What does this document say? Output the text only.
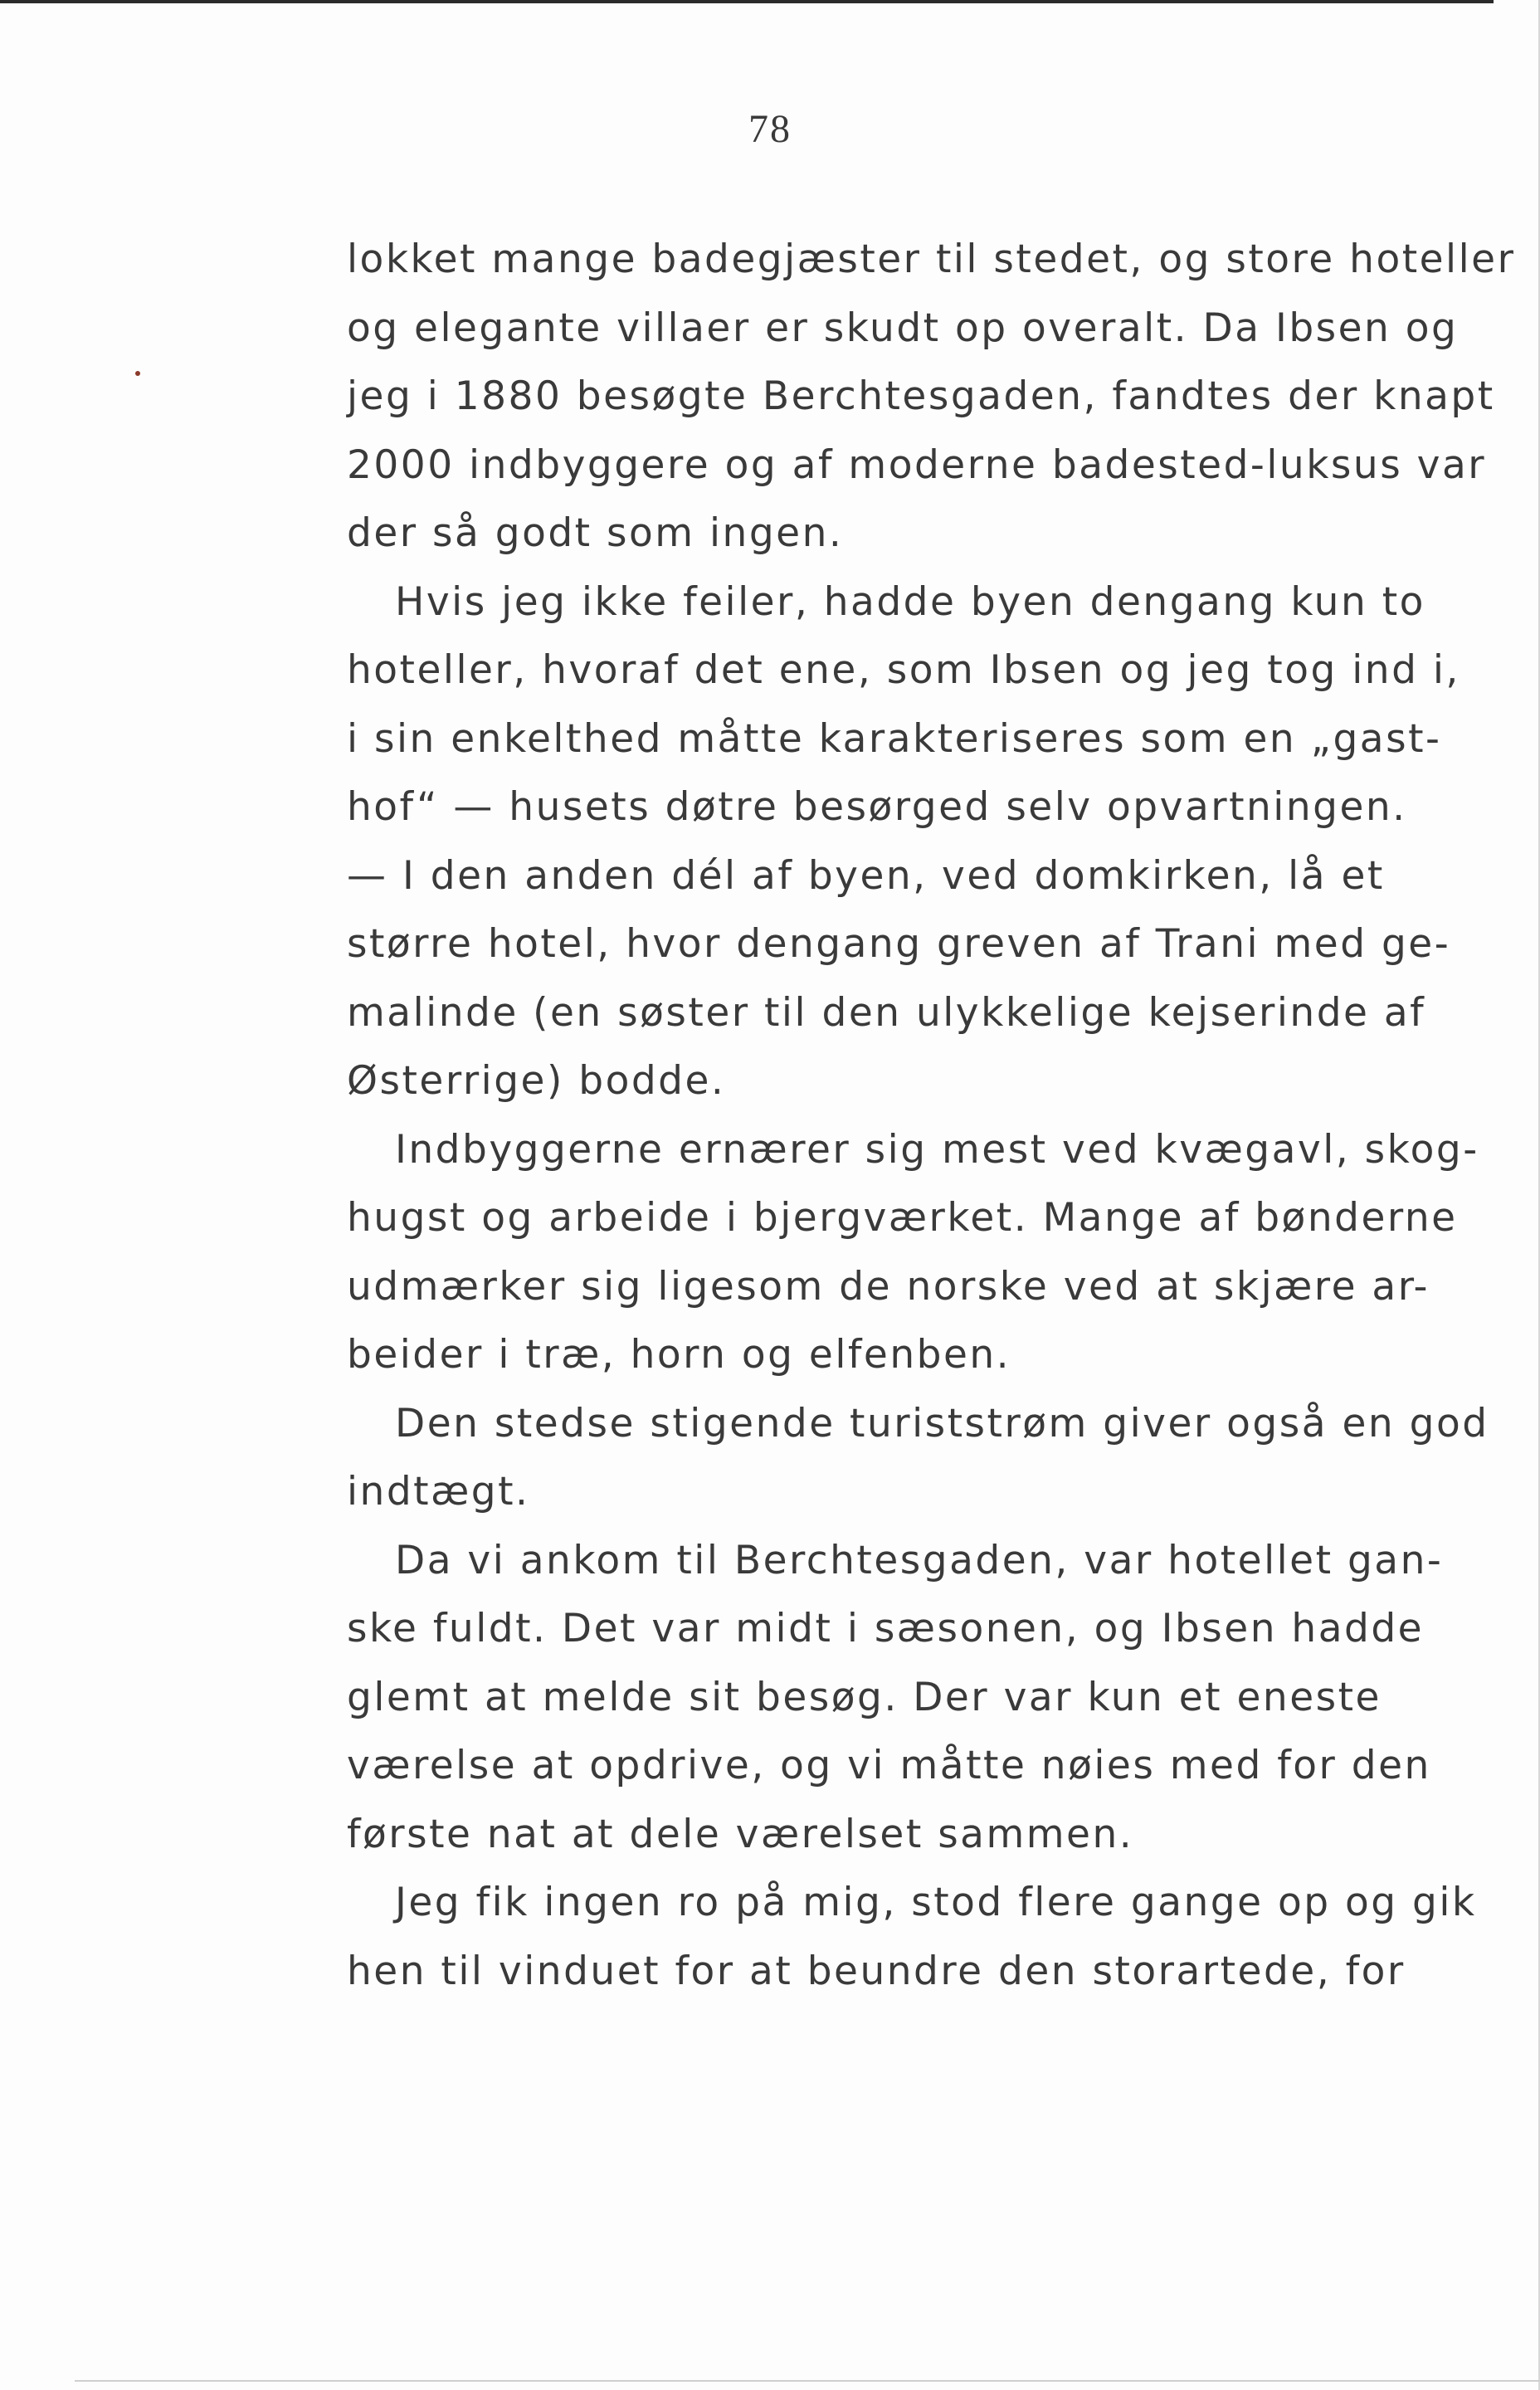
78
lokket mange badegjæster til stedet, og store hoteller
og elegante villaer er skudt op overalt. Da Ibsen og
jeg i 1880 besøgte Berchtesgaden, fandtes der knapt
2000 indbyggere og af moderne badested-luksus var
der så godt som ingen.
Hvis jeg ikke feiler, hadde byen dengang kun to
hoteller, hvoraf det ene, som Ibsen og jeg tog ind i,
i sin enkelthed måtte karakteriseres som en „gast-
hof“ — husets døtre besørged selv opvartningen.
— I den anden dél af byen, ved domkirken, lå et
større hotel, hvor dengang greven af Trani med ge-
malinde (en søster til den ulykkelige kejserinde af
Østerrige) bodde.
Indbyggerne ernærer sig mest ved kvægavl, skog-
hugst og arbeide i bjergværket. Mange af bønderne
udmærker sig ligesom de norske ved at skjære ar-
beider i træ, horn og elfenben.
Den stedse stigende turiststrøm giver også en god
indtægt.
Da vi ankom til Berchtesgaden, var hotellet gan-
ske fuldt. Det var midt i sæsonen, og Ibsen hadde
glemt at melde sit besøg. Der var kun et eneste
værelse at opdrive, og vi måtte nøies med for den
første nat at dele værelset sammen.
Jeg fik ingen ro på mig, stod flere gange op og gik
hen til vinduet for at beundre den storartede, for
